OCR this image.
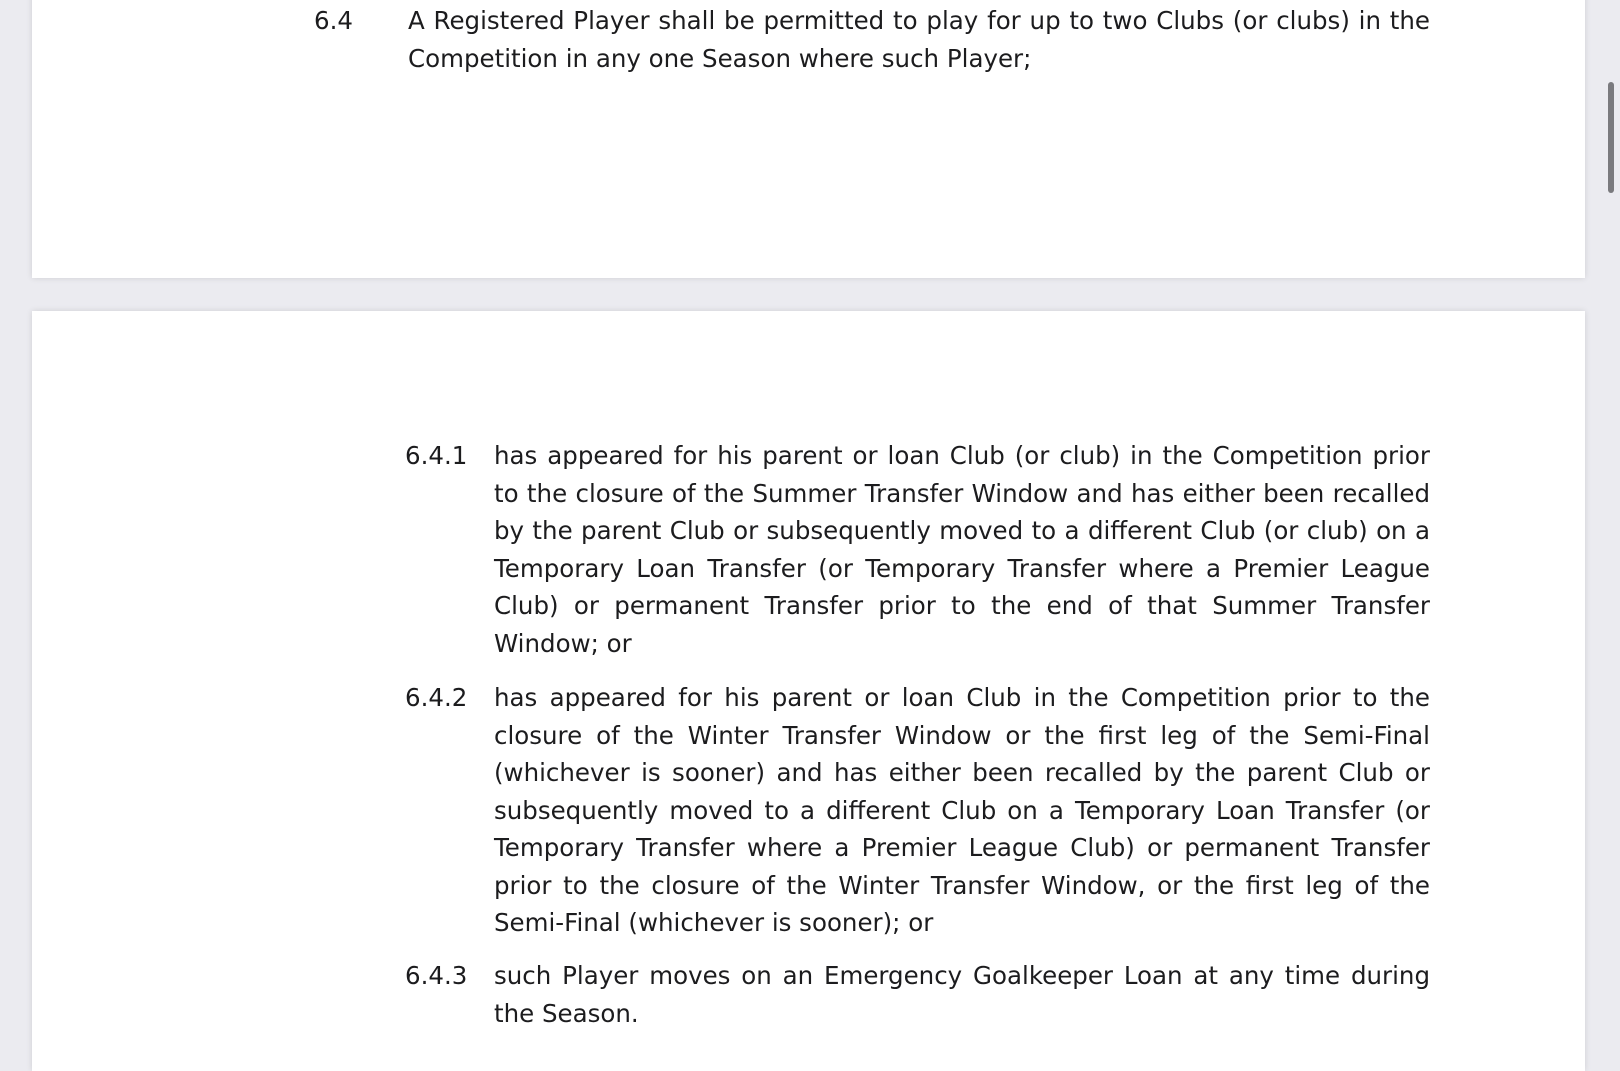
6.4 A Registered Player shall be permitted to play for up to two Clubs (or clubs) in the Competition in any one Season where such Player;
6.4.1 has appeared for his parent or loan Club (or club) in the Competition prior to the closure of the Summer Transfer Window and has either been recalled by the parent Club or subsequently moved to a different Club (or club) on a Temporary Loan Transfer (or Temporary Transfer where a Premier League Club) or permanent Transfer prior to the end of that Summer Transfer Window; or
6.4.2 has appeared for his parent or loan Club in the Competition prior to the closure of the Winter Transfer Window or the first leg of the Semi-Final (whichever is sooner) and has either been recalled by the parent Club or subsequently moved to a different Club on a Temporary Loan Transfer (or Temporary Transfer where a Premier League Club) or permanent Transfer prior to the closure of the Winter Transfer Window, or the first leg of the Semi-Final (whichever is sooner); or
6.4.3 such Player moves on an Emergency Goalkeeper Loan at any time during the Season.
